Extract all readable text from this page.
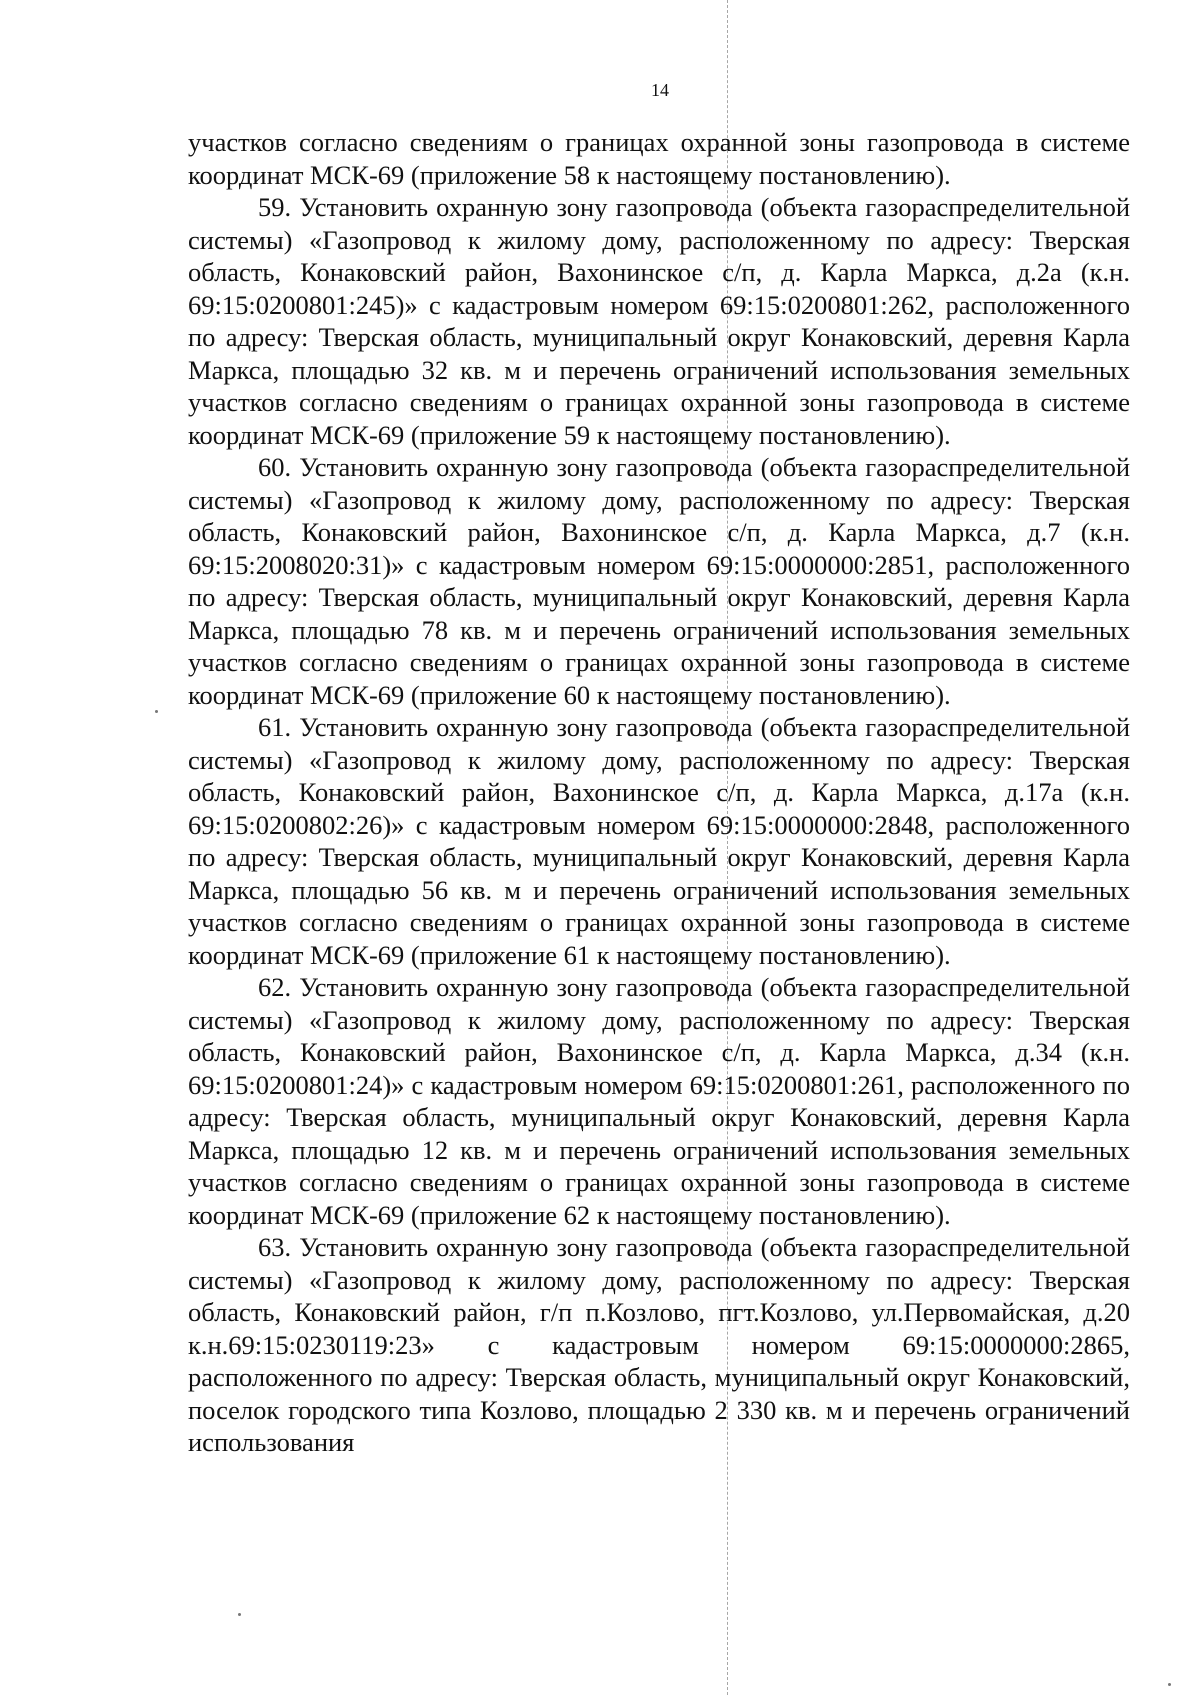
14

участков согласно сведениям о границах охранной зоны газопровода в системе координат МСК-69 (приложение 58 к настоящему постановлению).

59. Установить охранную зону газопровода (объекта газораспределительной системы) «Газопровод к жилому дому, расположенному по адресу: Тверская область, Конаковский район, Вахонинское с/п, д. Карла Маркса, д.2а (к.н. 69:15:0200801:245)» с кадастровым номером 69:15:0200801:262, расположенного по адресу: Тверская область, муниципальный округ Конаковский, деревня Карла Маркса, площадью 32 кв. м и перечень ограничений использования земельных участков согласно сведениям о границах охранной зоны газопровода в системе координат МСК-69 (приложение 59 к настоящему постановлению).

60. Установить охранную зону газопровода (объекта газораспределительной системы) «Газопровод к жилому дому, расположенному по адресу: Тверская область, Конаковский район, Вахонинское с/п, д. Карла Маркса, д.7 (к.н. 69:15:2008020:31)» с кадастровым номером 69:15:0000000:2851, расположенного по адресу: Тверская область, муниципальный округ Конаковский, деревня Карла Маркса, площадью 78 кв. м и перечень ограничений использования земельных участков согласно сведениям о границах охранной зоны газопровода в системе координат МСК-69 (приложение 60 к настоящему постановлению).

61. Установить охранную зону газопровода (объекта газораспределительной системы) «Газопровод к жилому дому, расположенному по адресу: Тверская область, Конаковский район, Вахонинское с/п, д. Карла Маркса, д.17а (к.н. 69:15:0200802:26)» с кадастровым номером 69:15:0000000:2848, расположенного по адресу: Тверская область, муниципальный округ Конаковский, деревня Карла Маркса, площадью 56 кв. м и перечень ограничений использования земельных участков согласно сведениям о границах охранной зоны газопровода в системе координат МСК-69 (приложение 61 к настоящему постановлению).

62. Установить охранную зону газопровода (объекта газораспределительной системы) «Газопровод к жилому дому, расположенному по адресу: Тверская область, Конаковский район, Вахонинское с/п, д. Карла Маркса, д.34 (к.н. 69:15:0200801:24)» с кадастровым номером 69:15:0200801:261, расположенного по адресу: Тверская область, муниципальный округ Конаковский, деревня Карла Маркса, площадью 12 кв. м и перечень ограничений использования земельных участков согласно сведениям о границах охранной зоны газопровода в системе координат МСК-69 (приложение 62 к настоящему постановлению).

63. Установить охранную зону газопровода (объекта газораспределительной системы) «Газопровод к жилому дому, расположенному по адресу: Тверская область, Конаковский район, г/п п.Козлово, пгт.Козлово, ул.Первомайская, д.20 к.н.69:15:0230119:23» с кадастровым номером 69:15:0000000:2865, расположенного по адресу: Тверская область, муниципальный округ Конаковский, поселок городского типа Козлово, площадью 2 330 кв. м и перечень ограничений использования
